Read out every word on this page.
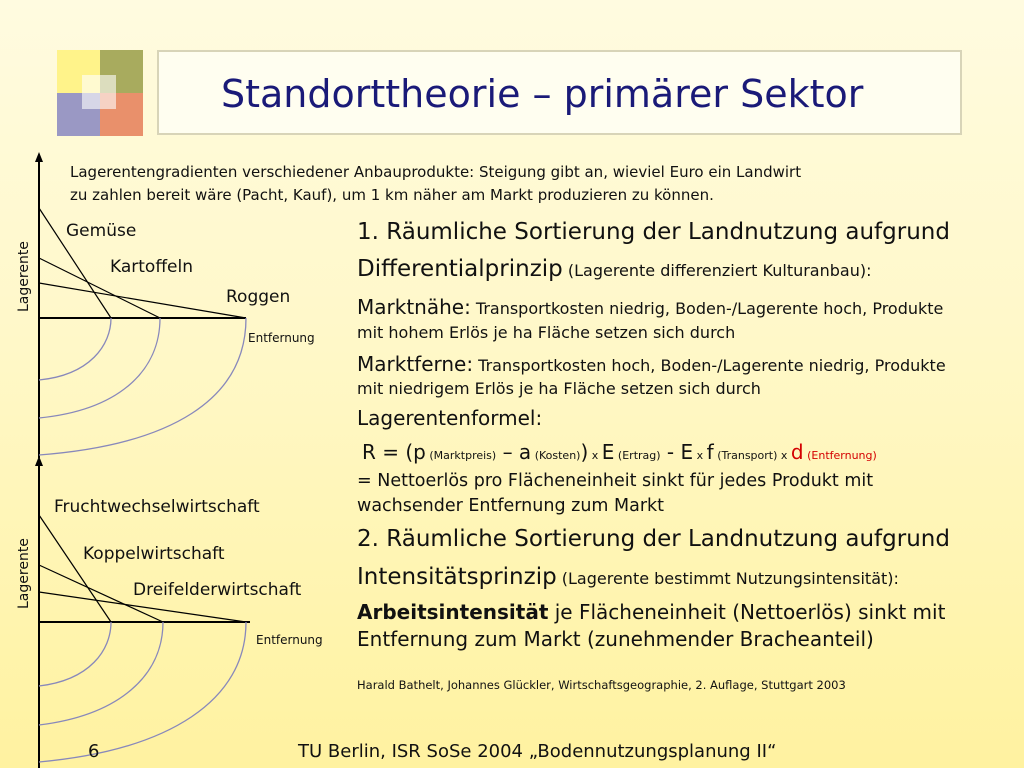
Standorttheorie – primärer Sektor
Lagerentengradienten verschiedener Anbauprodukte: Steigung gibt an, wieviel Euro ein Landwirt
zu zahlen bereit wäre (Pacht, Kauf), um 1 km näher am Markt produzieren zu können.
Lagerente
Gemüse
Kartoffeln
Roggen
Entfernung
Lagerente
Fruchtwechselwirtschaft
Koppelwirtschaft
Dreifelderwirtschaft
Entfernung
1. Räumliche Sortierung der Landnutzung aufgrund
Differentialprinzip (Lagerente differenziert Kulturanbau):
Marktnähe: Transportkosten niedrig, Boden-/Lagerente hoch, Produkte
mit hohem Erlös je ha Fläche setzen sich durch
Marktferne: Transportkosten hoch, Boden-/Lagerente niedrig, Produkte
mit niedrigem Erlös je ha Fläche setzen sich durch
Lagerentenformel:
R = (p (Marktpreis) – a (Kosten)) x E (Ertrag) - E x f (Transport) x d (Entfernung)
= Nettoerlös pro Flächeneinheit sinkt für jedes Produkt mit
wachsender Entfernung zum Markt
2. Räumliche Sortierung der Landnutzung aufgrund
Intensitätsprinzip (Lagerente bestimmt Nutzungsintensität):
Arbeitsintensität je Flächeneinheit (Nettoerlös) sinkt mit
Entfernung zum Markt (zunehmender Bracheanteil)
Harald Bathelt, Johannes Glückler, Wirtschaftsgeographie, 2. Auflage, Stuttgart 2003
6	TU Berlin, ISR SoSe 2004 „Bodennutzungsplanung II“
